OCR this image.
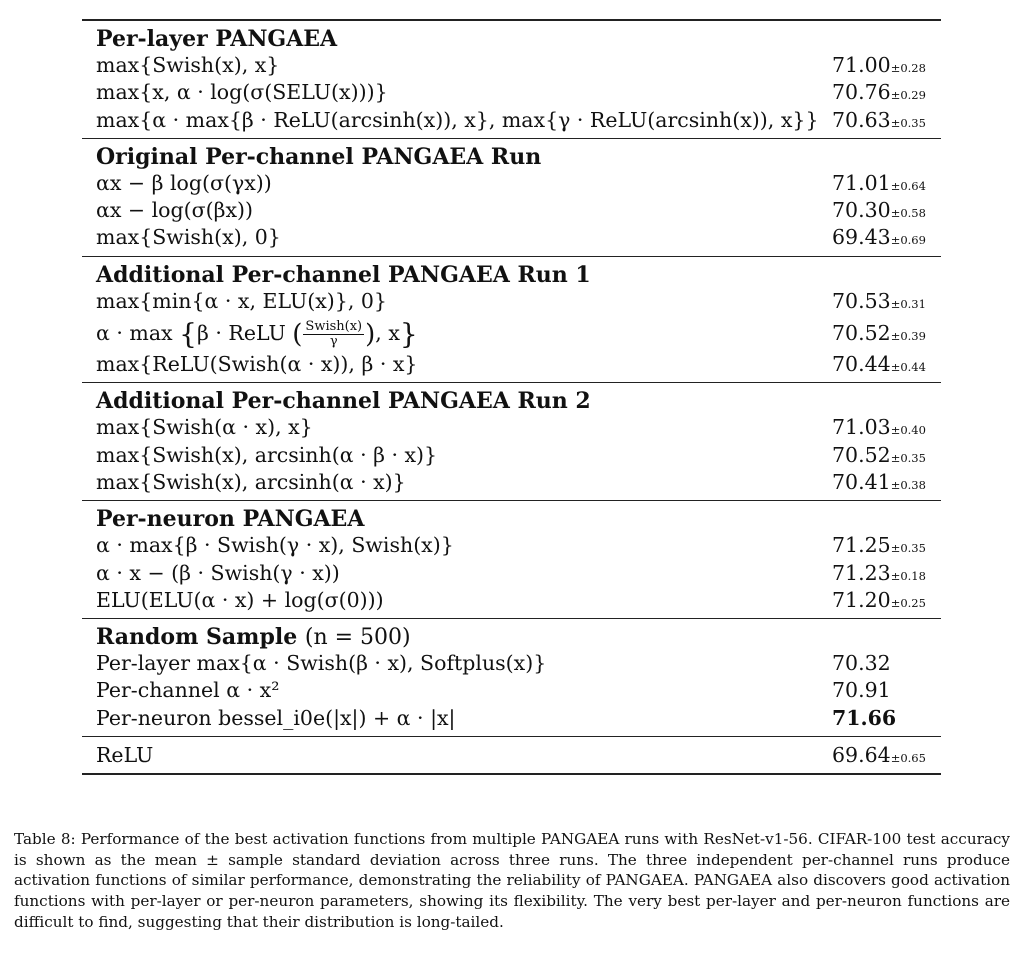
Per-layer PANGAEA
max{Swish(x), x}	71.00±0.28
max{x, α · log(σ(SELU(x)))}	70.76±0.29
max{α · max{β · ReLU(arcsinh(x)), x}, max{γ · ReLU(arcsinh(x)), x}} 70.63±0.35
Original Per-channel PANGAEA Run
αx − β log(σ(γx))	71.01±0.64
αx − log(σ(βx))	70.30±0.58
max{Swish(x), 0}	69.43±0.69
Additional Per-channel PANGAEA Run 1
max{min{α · x, ELU(x)}, 0}	70.53±0.31
α · max {β · ReLU ( $\frac{\text{Swish(x)}}{\gamma}$ ), x}	70.52±0.39
max{ReLU(Swish(α · x)), β · x}	70.44±0.44
Additional Per-channel PANGAEA Run 2
max{Swish(α · x), x}	71.03±0.40
max{Swish(x), arcsinh(α · β · x)}	70.52±0.35
max{Swish(x), arcsinh(α · x)}	70.41±0.38
Per-neuron PANGAEA
α · max{β · Swish(γ · x), Swish(x)}	71.25±0.35
α · x − (β · Swish(γ · x))	71.23±0.18
ELU(ELU(α · x) + log(σ(0)))	71.20±0.25
Random Sample (n = 500)
Per-layer max{α · Swish(β · x), Softplus(x)}	70.32
Per-channel α · x²	70.91
Per-neuron bessel_i0e(|x|) + α · |x|	71.66
ReLU	69.64±0.65

Table 8: Performance of the best activation functions from multiple PANGAEA runs with ResNet-v1-56. CIFAR-100 test accuracy is shown as the mean ± sample standard deviation across three runs. The three independent per-channel runs produce activation functions of similar performance, demonstrating the reliability of PANGAEA. PANGAEA also discovers good activation functions with per-layer or per-neuron parameters, showing its flexibility. The very best per-layer and per-neuron functions are difficult to find, suggesting that their distribution is long-tailed.
